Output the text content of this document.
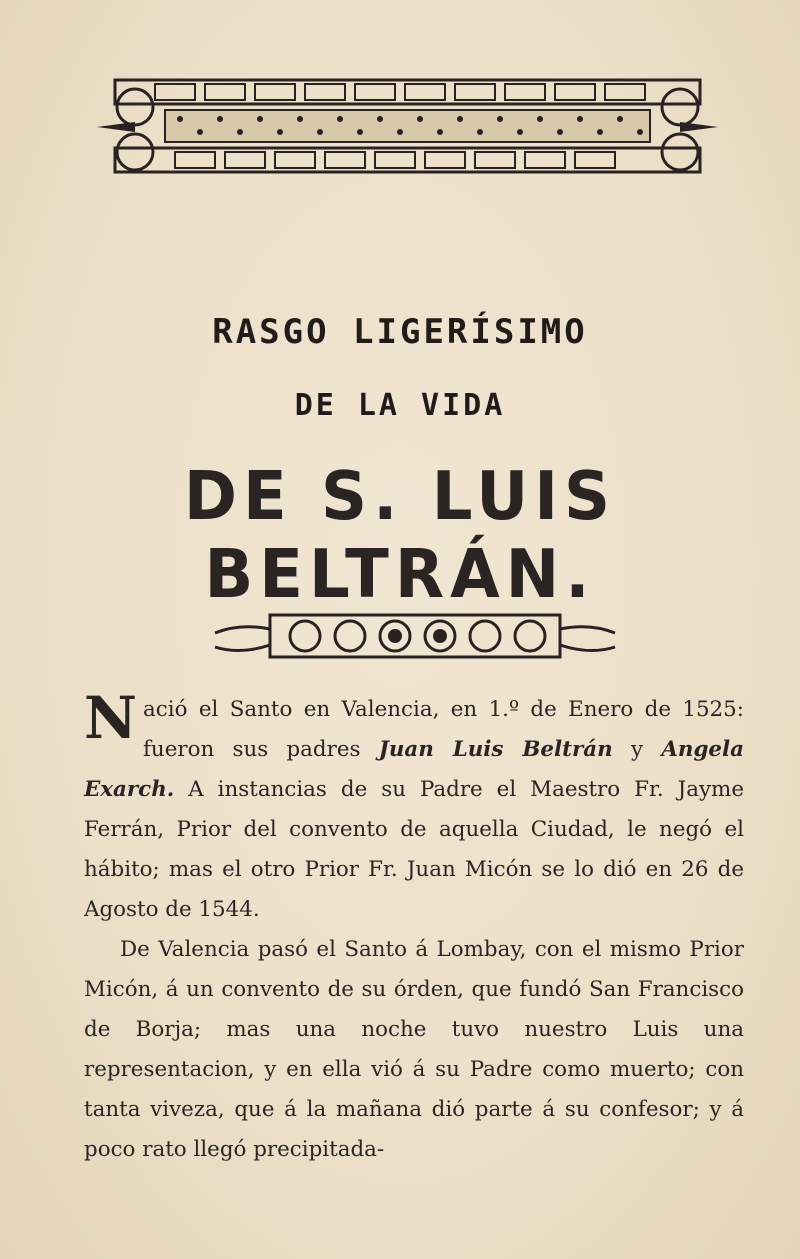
RASGO LIGERÍSIMO
DE LA VIDA
DE S. LUIS BELTRÁN.

Nació el Santo en Valencia, en 1.º de Enero de 1525: fueron sus padres Juan Luis Beltrán y Angela Exarch. A instancias de su Padre el Maestro Fr. Jayme Ferrán, Prior del convento de aquella Ciudad, le negó el hábito; mas el otro Prior Fr. Juan Micón se lo dió en 26 de Agosto de 1544.

De Valencia pasó el Santo á Lombay, con el mismo Prior Micón, á un convento de su órden, que fundó San Francisco de Borja; mas una noche tuvo nuestro Luis una representacion, y en ella vió á su Padre como muerto; con tanta viveza, que á la mañana dió parte á su confesor; y á poco rato llegó precipitada-
